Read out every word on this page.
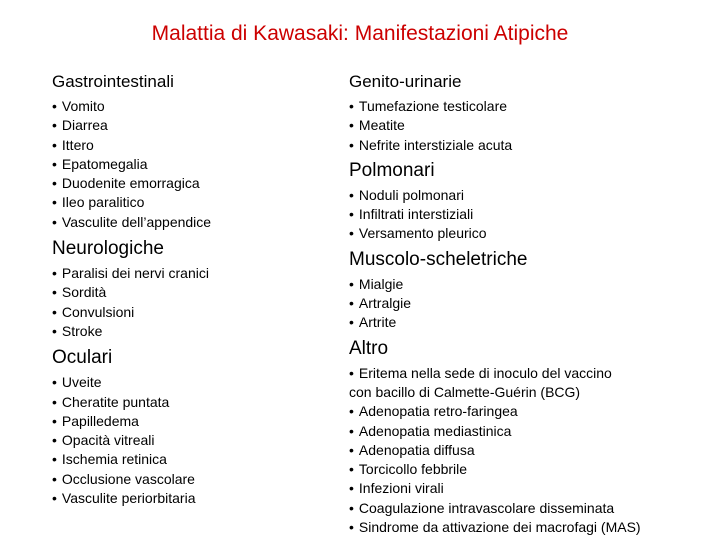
Malattia di Kawasaki: Manifestazioni Atipiche
Gastrointestinali
• Vomito
• Diarrea
• Ittero
• Epatomegalia
• Duodenite emorragica
• Ileo paralitico
• Vasculite dell’appendice
Neurologiche
• Paralisi dei nervi cranici
• Sordità
• Convulsioni
• Stroke
Oculari
• Uveite
• Cheratite puntata
• Papilledema
• Opacità vitreali
• Ischemia retinica
• Occlusione vascolare
• Vasculite periorbitaria
Genito-urinarie
• Tumefazione testicolare
• Meatite
• Nefrite interstiziale acuta
Polmonari
• Noduli polmonari
• Infiltrati interstiziali
• Versamento pleurico
Muscolo-scheletriche
• Mialgie
• Artralgie
• Artrite
Altro
• Eritema nella sede di inoculo del vaccino
con bacillo di Calmette-Guérin (BCG)
• Adenopatia retro-faringea
• Adenopatia mediastinica
• Adenopatia diffusa
• Torcicollo febbrile
• Infezioni virali
• Coagulazione intravascolare disseminata
• Sindrome da attivazione dei macrofagi (MAS)
